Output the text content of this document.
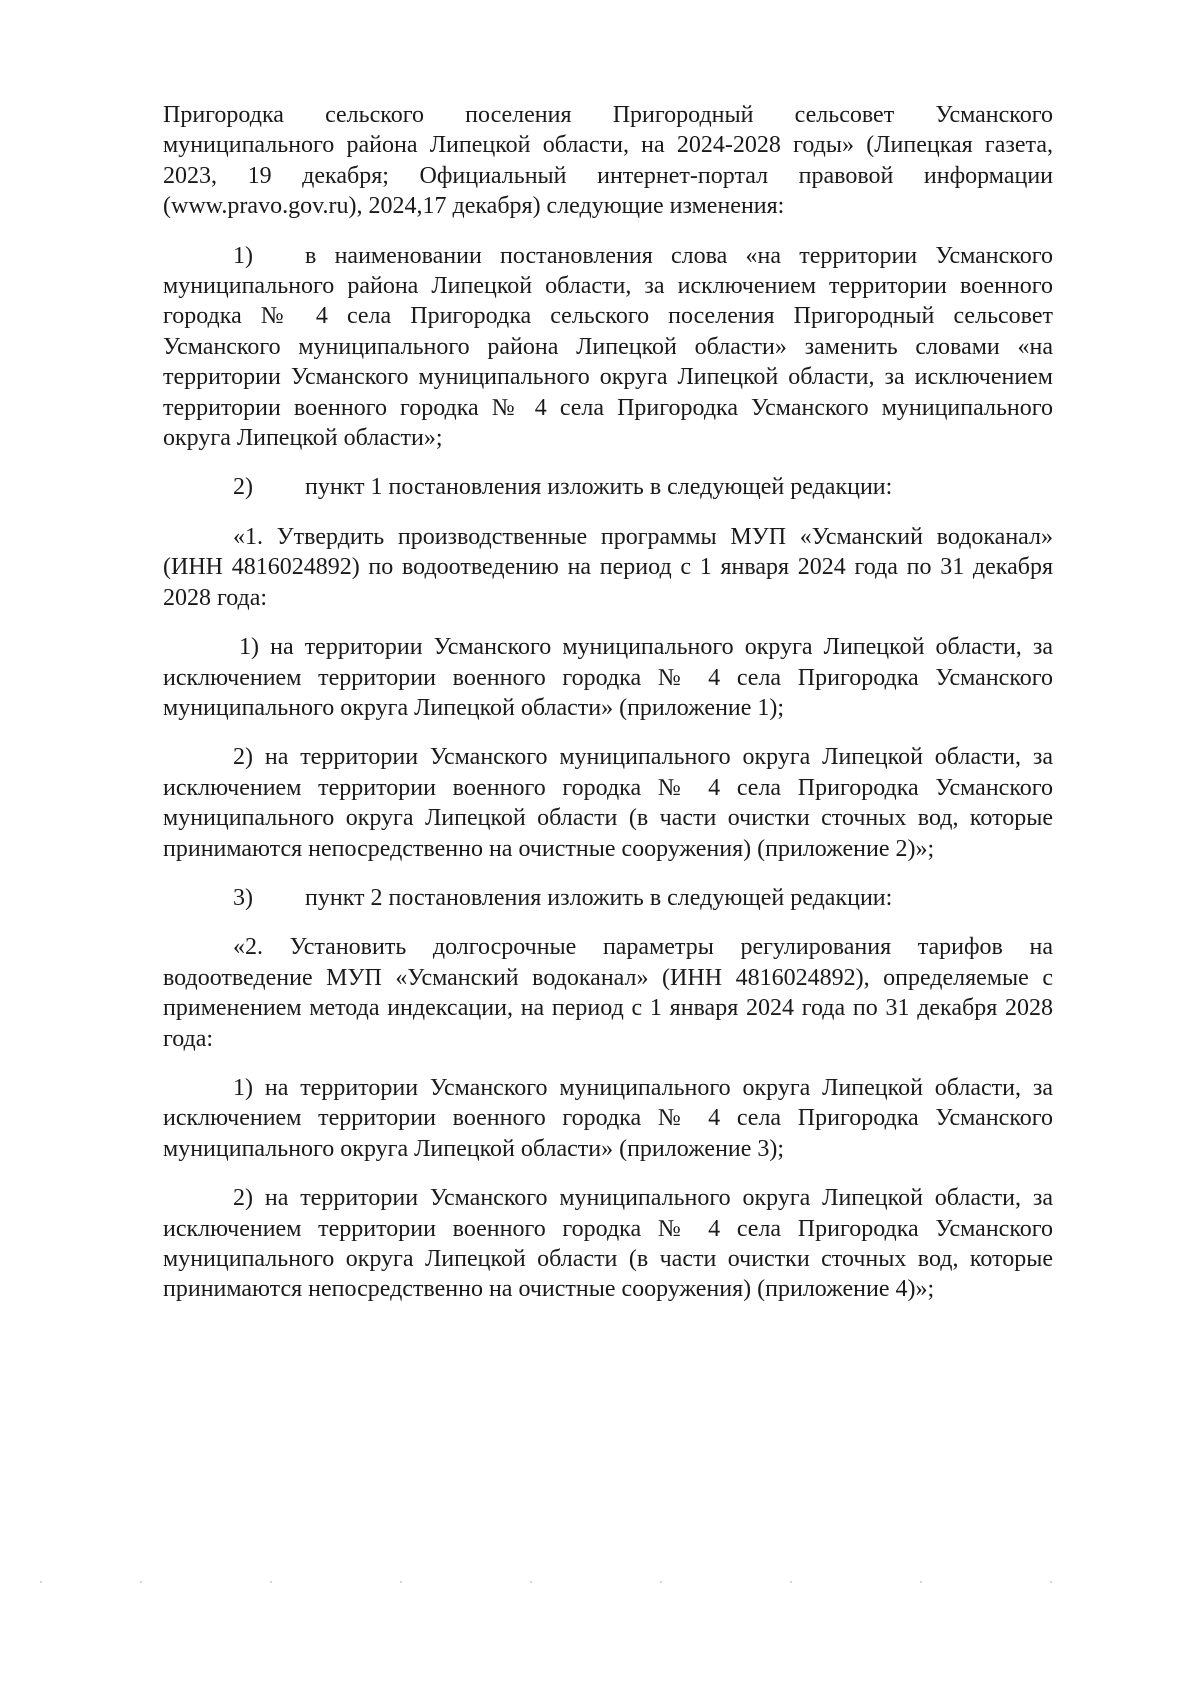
Пригородка сельского поселения Пригородный сельсовет Усманского муниципального района Липецкой области, на 2024-2028 годы» (Липецкая газета, 2023, 19 декабря; Официальный интернет-портал правовой информации (www.pravo.gov.ru), 2024,17 декабря) следующие изменения:

1) в наименовании постановления слова «на территории Усманского муниципального района Липецкой области, за исключением территории военного городка № 4 села Пригородка сельского поселения Пригородный сельсовет Усманского муниципального района Липецкой области» заменить словами «на территории Усманского муниципального округа Липецкой области, за исключением территории военного городка № 4 села Пригородка Усманского муниципального округа Липецкой области»;

2) пункт 1 постановления изложить в следующей редакции:

«1. Утвердить производственные программы МУП «Усманский водоканал» (ИНН 4816024892) по водоотведению на период с 1 января 2024 года по 31 декабря 2028 года:

1) на территории Усманского муниципального округа Липецкой области, за исключением территории военного городка № 4 села Пригородка Усманского муниципального округа Липецкой области» (приложение 1);

2) на территории Усманского муниципального округа Липецкой области, за исключением территории военного городка № 4 села Пригородка Усманского муниципального округа Липецкой области (в части очистки сточных вод, которые принимаются непосредственно на очистные сооружения) (приложение 2)»;

3) пункт 2 постановления изложить в следующей редакции:

«2. Установить долгосрочные параметры регулирования тарифов на водоотведение МУП «Усманский водоканал» (ИНН 4816024892), определяемые с применением метода индексации, на период с 1 января 2024 года по 31 декабря 2028 года:

1) на территории Усманского муниципального округа Липецкой области, за исключением территории военного городка № 4 села Пригородка Усманского муниципального округа Липецкой области» (приложение 3);

2) на территории Усманского муниципального округа Липецкой области, за исключением территории военного городка № 4 села Пригородка Усманского муниципального округа Липецкой области (в части очистки сточных вод, которые принимаются непосредственно на очистные сооружения) (приложение 4)»;
